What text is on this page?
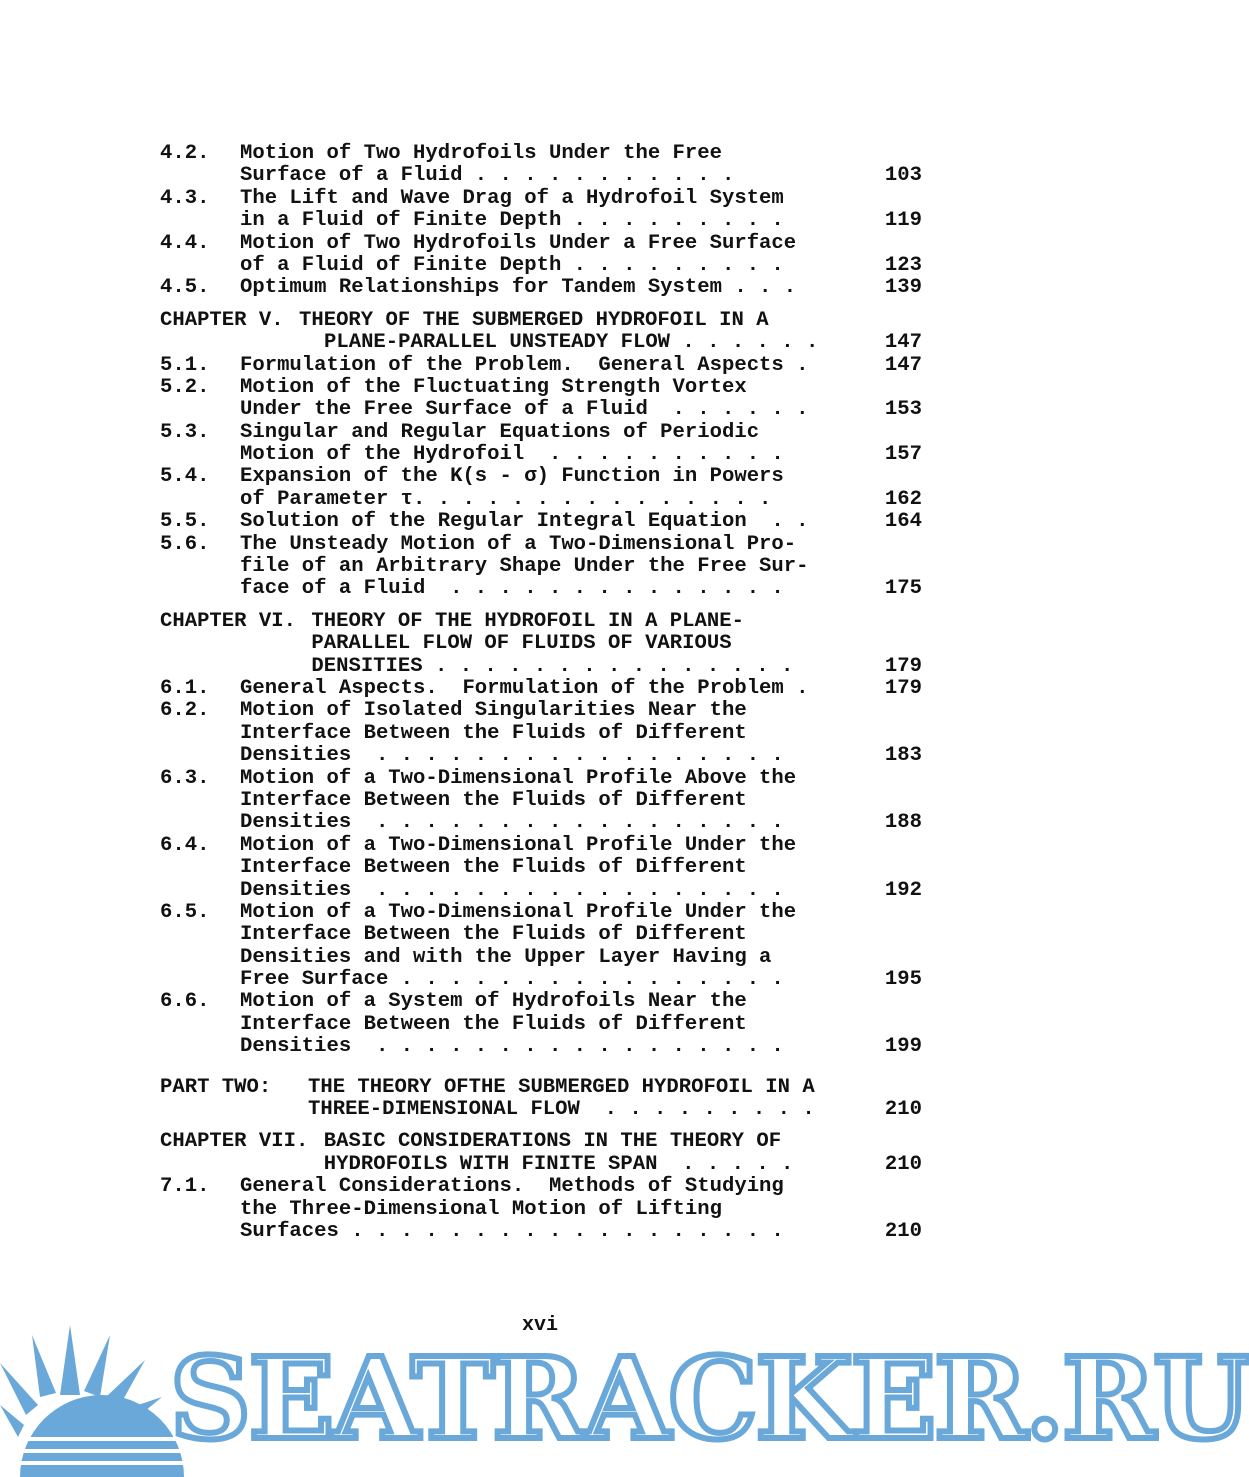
4.2. Motion of Two Hydrofoils Under the Free
Surface of a Fluid . . . . . . . . . . .	103
4.3. The Lift and Wave Drag of a Hydrofoil System
in a Fluid of Finite Depth . . . . . . . . .	119
4.4. Motion of Two Hydrofoils Under a Free Surface
of a Fluid of Finite Depth . . . . . . . . .	123
4.5. Optimum Relationships for Tandem System . . .	139
CHAPTER V. THEORY OF THE SUBMERGED HYDROFOIL IN A
PLANE-PARALLEL UNSTEADY FLOW . . . . . .	147
5.1. Formulation of the Problem.  General Aspects .	147
5.2. Motion of the Fluctuating Strength Vortex
Under the Free Surface of a Fluid  . . . . . .	153
5.3. Singular and Regular Equations of Periodic
Motion of the Hydrofoil  . . . . . . . . . .	157
5.4. Expansion of the K(s - σ) Function in Powers
of Parameter τ. . . . . . . . . . . . . . .	162
5.5. Solution of the Regular Integral Equation  . .	164
5.6. The Unsteady Motion of a Two-Dimensional Pro-
file of an Arbitrary Shape Under the Free Sur-
face of a Fluid  . . . . . . . . . . . . . .	175
CHAPTER VI. THEORY OF THE HYDROFOIL IN A PLANE-
PARALLEL FLOW OF FLUIDS OF VARIOUS
DENSITIES . . . . . . . . . . . . . . .	179
6.1. General Aspects.  Formulation of the Problem .	179
6.2. Motion of Isolated Singularities Near the
Interface Between the Fluids of Different
Densities  . . . . . . . . . . . . . . . . .	183
6.3. Motion of a Two-Dimensional Profile Above the
Interface Between the Fluids of Different
Densities  . . . . . . . . . . . . . . . . .	188
6.4. Motion of a Two-Dimensional Profile Under the
Interface Between the Fluids of Different
Densities  . . . . . . . . . . . . . . . . .	192
6.5. Motion of a Two-Dimensional Profile Under the
Interface Between the Fluids of Different
Densities and with the Upper Layer Having a
Free Surface . . . . . . . . . . . . . . . .	195
6.6. Motion of a System of Hydrofoils Near the
Interface Between the Fluids of Different
Densities  . . . . . . . . . . . . . . . . .	199
PART TWO: THE THEORY OFTHE SUBMERGED HYDROFOIL IN A
THREE-DIMENSIONAL FLOW  . . . . . . . . .	210
CHAPTER VII. BASIC CONSIDERATIONS IN THE THEORY OF
HYDROFOILS WITH FINITE SPAN  . . . . .	210
7.1. General Considerations.  Methods of Studying
the Three-Dimensional Motion of Lifting
Surfaces . . . . . . . . . . . . . . . . . .	210
xvi
SEATRACKER.RU
